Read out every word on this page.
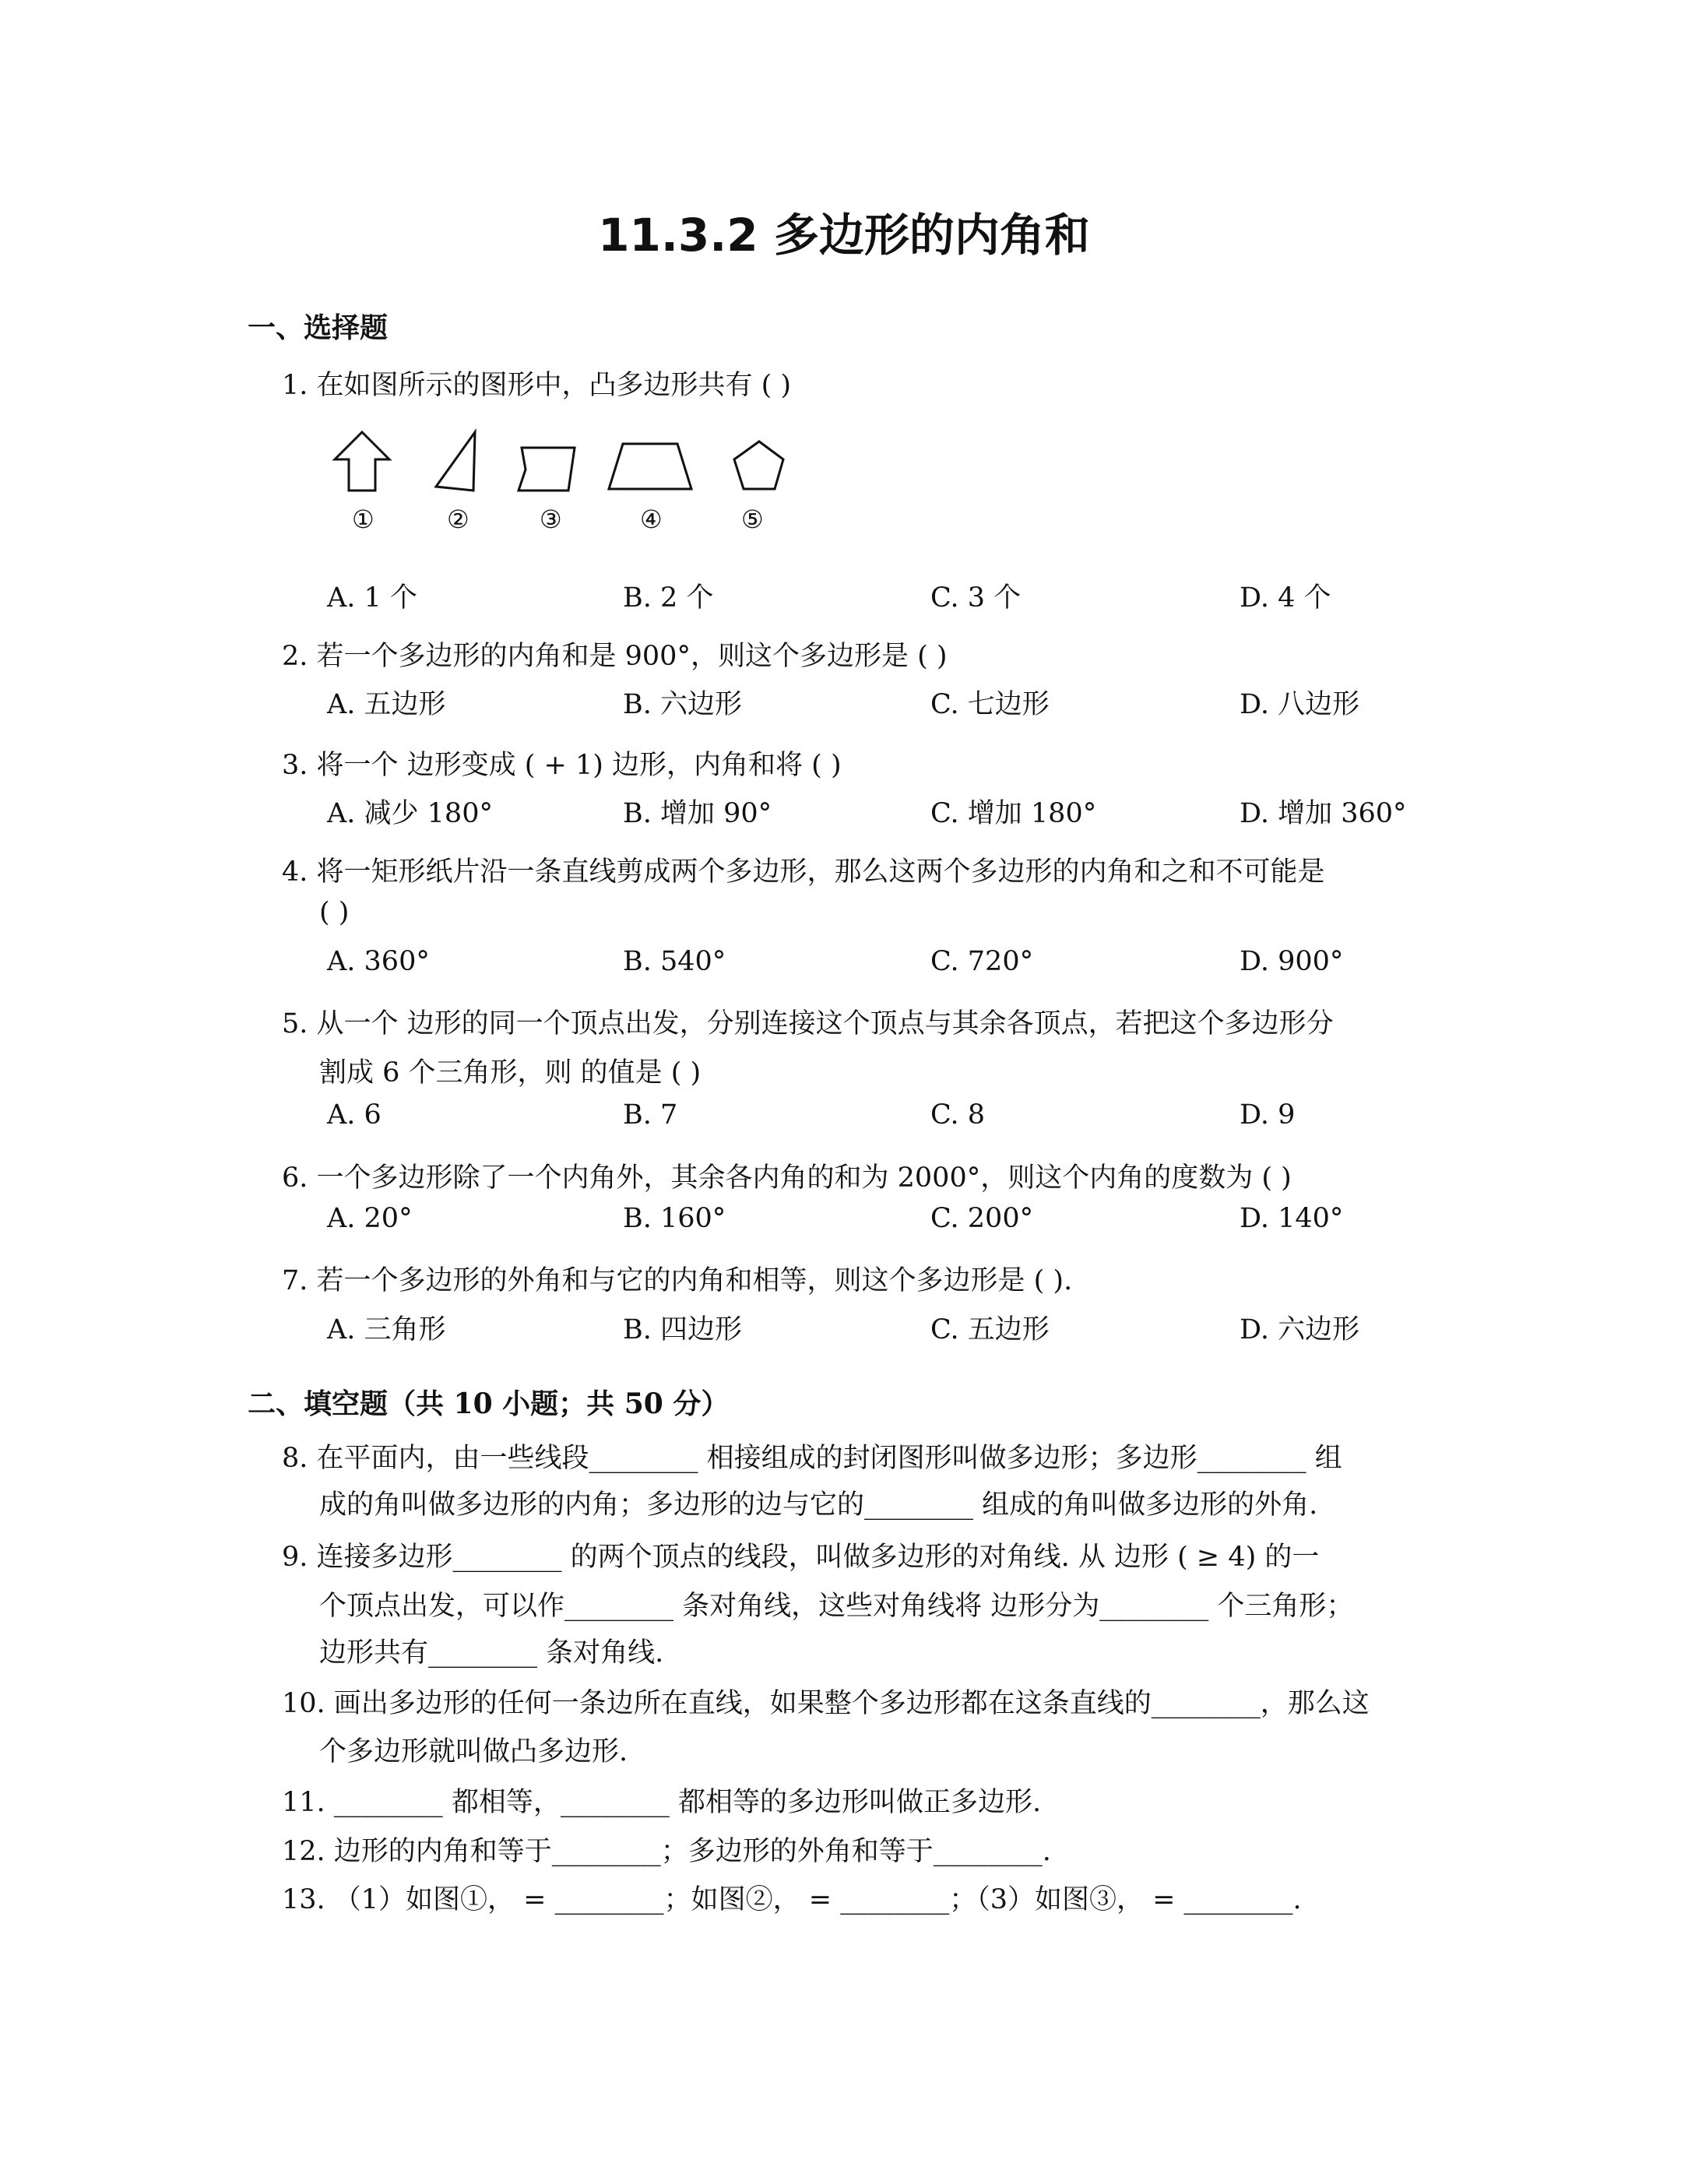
11.3.2 多边形的内角和
一、选择题
1. 在如图所示的图形中，凸多边形共有 ( )
①	②	③	④	⑤
A. 1 个	B. 2 个	C. 3 个	D. 4 个
2. 若一个多边形的内角和是 900°，则这个多边形是 ( )
A. 五边形	B. 六边形	C. 七边形	D. 八边形
3. 将一个 边形变成 ( + 1) 边形，内角和将 ( )
A. 减少 180°	B. 增加 90°	C. 增加 180°	D. 增加 360°
4. 将一矩形纸片沿一条直线剪成两个多边形，那么这两个多边形的内角和之和不可能是
( )
A. 360°	B. 540°	C. 720°	D. 900°
5. 从一个 边形的同一个顶点出发，分别连接这个顶点与其余各顶点，若把这个多边形分
割成 6 个三角形，则 的值是 ( )
A. 6	B. 7	C. 8	D. 9
6. 一个多边形除了一个内角外，其余各内角的和为 2000°，则这个内角的度数为 ( )
A. 20°	B. 160°	C. 200°	D. 140°
7. 若一个多边形的外角和与它的内角和相等，则这个多边形是 ( ).
A. 三角形	B. 四边形	C. 五边形	D. 六边形
二、填空题（共 10 小题；共 50 分）
8. 在平面内，由一些线段________ 相接组成的封闭图形叫做多边形；多边形________ 组
成的角叫做多边形的内角；多边形的边与它的________ 组成的角叫做多边形的外角.
9. 连接多边形________ 的两个顶点的线段，叫做多边形的对角线. 从 边形 ( ≥ 4) 的一
个顶点出发，可以作________ 条对角线，这些对角线将 边形分为________ 个三角形；
边形共有________ 条对角线.
10. 画出多边形的任何一条边所在直线，如果整个多边形都在这条直线的________，那么这
个多边形就叫做凸多边形.
11. ________ 都相等，________ 都相等的多边形叫做正多边形.
12. 边形的内角和等于________；多边形的外角和等于________.
13. （1）如图①， = ________；如图②， = ________；（3）如图③， = ________.
